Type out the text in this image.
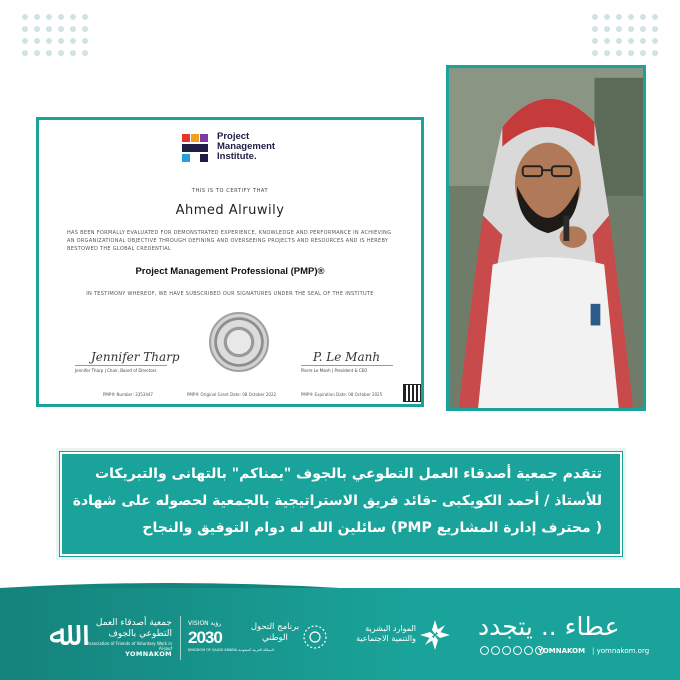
Project
Management
Institute.
THIS IS TO CERTIFY THAT
Ahmed Alruwily
HAS BEEN FORMALLY EVALUATED FOR DEMONSTRATED EXPERIENCE, KNOWLEDGE AND PERFORMANCE IN ACHIEVING AN ORGANIZATIONAL OBJECTIVE THROUGH DEFINING AND OVERSEEING PROJECTS AND RESOURCES AND IS HEREBY BESTOWED THE GLOBAL CREDENTIAL
Project Management Professional (PMP)®
IN TESTIMONY WHEREOF, WE HAVE SUBSCRIBED OUR SIGNATURES UNDER THE SEAL OF THE INSTITUTE
Jennifer Tharp	P. Le Manh
Jennifer Tharp | Chair, Board of Directors	Pierre Le Manh | President & CEO
PMP® Number: 3353447	PMP® Original Grant Date: 08 October 2022	PMP® Expiration Date: 08 October 2025
تتقدم جمعية أصدقاء العمل التطوعي بالجوف "يمناكم" بالتهانى والتبريكات
للأستاذ / أحمد الكويكبى -قائد فريق الاستراتيجية بالجمعية لحصوله على شهادة
( محترف إدارة المشاريع PMP) سائلين الله له دوام التوفيق والنجاح
ﷲ	جمعية أصدقاء العمل التطوعي بالجوف
Association of Friends of Voluntary Work in Al-Jouf
YOMNAKOM
VISION رؤية
2030
KINGDOM OF SAUDI ARABIA المملكة العربية السعودية
برنامج التحول الوطني
الموارد البشرية والتنمية الاجتماعية عطاء .. يتجدد
YOMNAKOM | yomnakom.org
